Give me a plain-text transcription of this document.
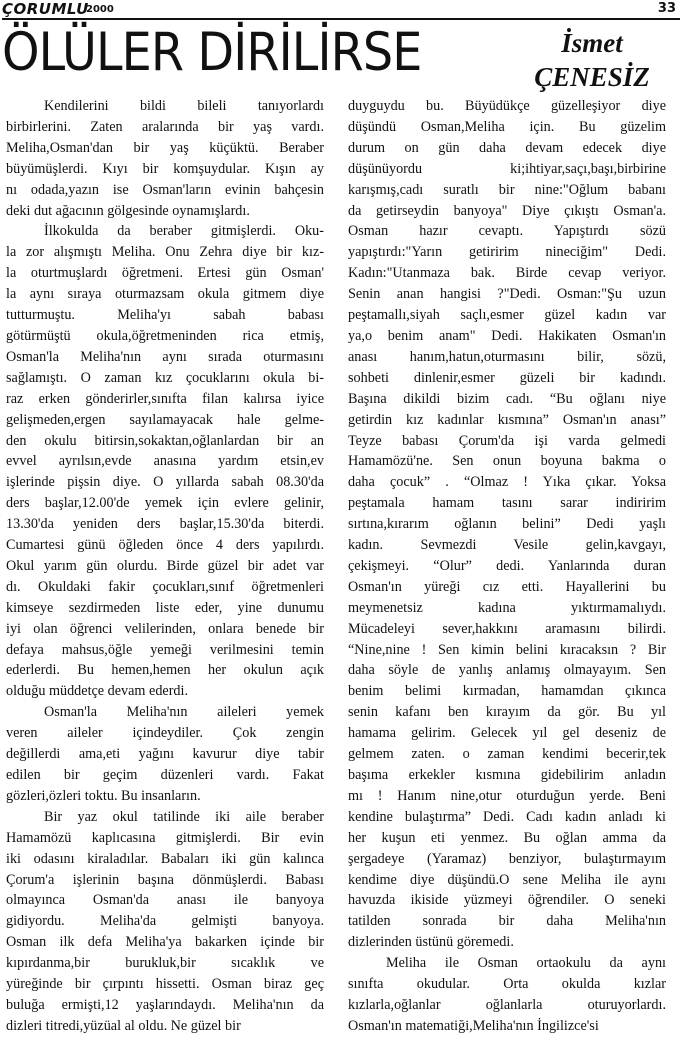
ÇORUMLU
2000	33
ÖLÜLER DİRİLİRSE	İsmet
ÇENESİZ

Kendilerini bildi bileli tanıyorlardı
birbirlerini. Zaten aralarında bir yaş vardı.
Meliha,Osman'dan bir yaş küçüktü. Beraber
büyümüşlerdi. Kıyı bir komşuydular. Kışın ay
nı odada,yazın ise Osman'ların evinin bahçesin
deki dut ağacının gölgesinde oynamışlardı.

İlkokulda da beraber gitmişlerdi. Oku-
la zor alışmıştı Meliha. Onu Zehra diye bir kız-
la oturtmuşlardı öğretmeni. Ertesi gün Osman'
la aynı sıraya oturmazsam okula gitmem diye
tutturmuştu. Meliha'yı sabah babası
götürmüştü okula,öğretmeninden rica etmiş,
Osman'la Meliha'nın aynı sırada oturmasını
sağlamıştı. O zaman kız çocuklarını okula bi-
raz erken gönderirler,sınıfta filan kalırsa iyice
gelişmeden,ergen sayılamayacak hale gelme-
den okulu bitirsin,sokaktan,oğlanlardan bir an
evvel ayrılsın,evde anasına yardım etsin,ev
işlerinde pişsin diye. O yıllarda sabah 08.30'da
ders başlar,12.00'de yemek için evlere gelinir,
13.30'da yeniden ders başlar,15.30'da biterdi.
Cumartesi günü öğleden önce 4 ders yapılırdı.
Okul yarım gün olurdu. Birde güzel bir adet var
dı. Okuldaki fakir çocukları,sınıf öğretmenleri
kimseye sezdirmeden liste eder, yine dunumu
iyi olan öğrenci velilerinden, onlara benede bir
defaya mahsus,öğle yemeği verilmesini temin
ederlerdi. Bu hemen,hemen her okulun açık
olduğu müddetçe devam ederdi.

Osman'la Meliha'nın aileleri yemek
veren aileler içindeydiler. Çok zengin
değillerdi ama,eti yağını kavurur diye tabir
edilen bir geçim düzenleri vardı. Fakat
gözleri,özleri toktu. Bu insanların.

Bir yaz okul tatilinde iki aile beraber
Hamamözü kaplıcasına gitmişlerdi. Bir evin
iki odasını kiraladılar. Babaları iki gün kalınca
Çorum'a işlerinin başına dönmüşlerdi. Babası
olmayınca Osman'da anası ile banyoya
gidiyordu. Meliha'da gelmişti banyoya.
Osman ilk defa Meliha'ya bakarken içinde bir
kıpırdanma,bir burukluk,bir sıcaklık ve
yüreğinde bir çırpıntı hissetti. Osman biraz geç
buluğa ermişti,12 yaşlarındaydı. Meliha'nın da
dizleri titredi,yüzüal al oldu. Ne güzel bir

duyguydu bu. Büyüdükçe güzelleşiyor diye
düşündü Osman,Meliha için. Bu güzelim
durum on gün daha devam edecek diye
düşünüyordu ki;ihtiyar,saçı,başı,birbirine
karışmış,cadı suratlı bir nine:"Oğlum babanı
da getirseydin banyoya" Diye çıkıştı Osman'a.
Osman hazır cevaptı. Yapıştırdı sözü
yapıştırdı:"Yarın getiririm nineciğim" Dedi.
Kadın:"Utanmaza bak. Birde cevap veriyor.
Senin anan hangisi ?"Dedi. Osman:"Şu uzun
peştamallı,siyah saçlı,esmer güzel kadın var
ya,o benim anam" Dedi. Hakikaten Osman'ın
anası hanım,hatun,oturmasını bilir, sözü,
sohbeti dinlenir,esmer güzeli bir kadındı.
Başına dikildi bizim cadı. “Bu oğlanı niye
getirdin kız kadınlar kısmına” Osman'ın anası”
Teyze babası Çorum'da işi varda gelmedi
Hamamözü'ne. Sen onun boyuna bakma o
daha çocuk” . “Olmaz ! Yıka çıkar. Yoksa
peştamala hamam tasını sarar indiririm
sırtına,kırarım oğlanın belini” Dedi yaşlı
kadın. Sevmezdi Vesile gelin,kavgayı,
çekişmeyi. “Olur” dedi. Yanlarında duran
Osman'ın yüreği cız etti. Hayallerini bu
meymenetsiz kadına yıktırmamalıydı.
Mücadeleyi sever,hakkını aramasını bilirdi.
“Nine,nine ! Sen kimin belini kıracaksın ? Bir
daha söyle de yanlış anlamış olmayayım. Sen
benim belimi kırmadan, hamamdan çıkınca
senin kafanı ben kırayım da gör. Bu yıl
hamama gelirim. Gelecek yıl gel deseniz de
gelmem zaten. o zaman kendimi becerir,tek
başıma erkekler kısmına gidebilirim anladın
mı ! Hanım nine,otur oturduğun yerde. Beni
kendine bulaştırma” Dedi. Cadı kadın anladı ki
her kuşun eti yenmez. Bu oğlan amma da
şergadeye (Yaramaz) benziyor, bulaştırmayım
kendime diye düşündü.O sene Meliha ile aynı
havuzda ikiside yüzmeyi öğrendiler. O seneki
tatilden sonrada bir daha Meliha'nın
dizlerinden üstünü göremedi.

Meliha ile Osman ortaokulu da aynı
sınıfta okudular. Orta okulda kızlar
kızlarla,oğlanlar oğlanlarla oturuyorlardı.
Osman'ın matematiği,Meliha'nın İngilizce'si
